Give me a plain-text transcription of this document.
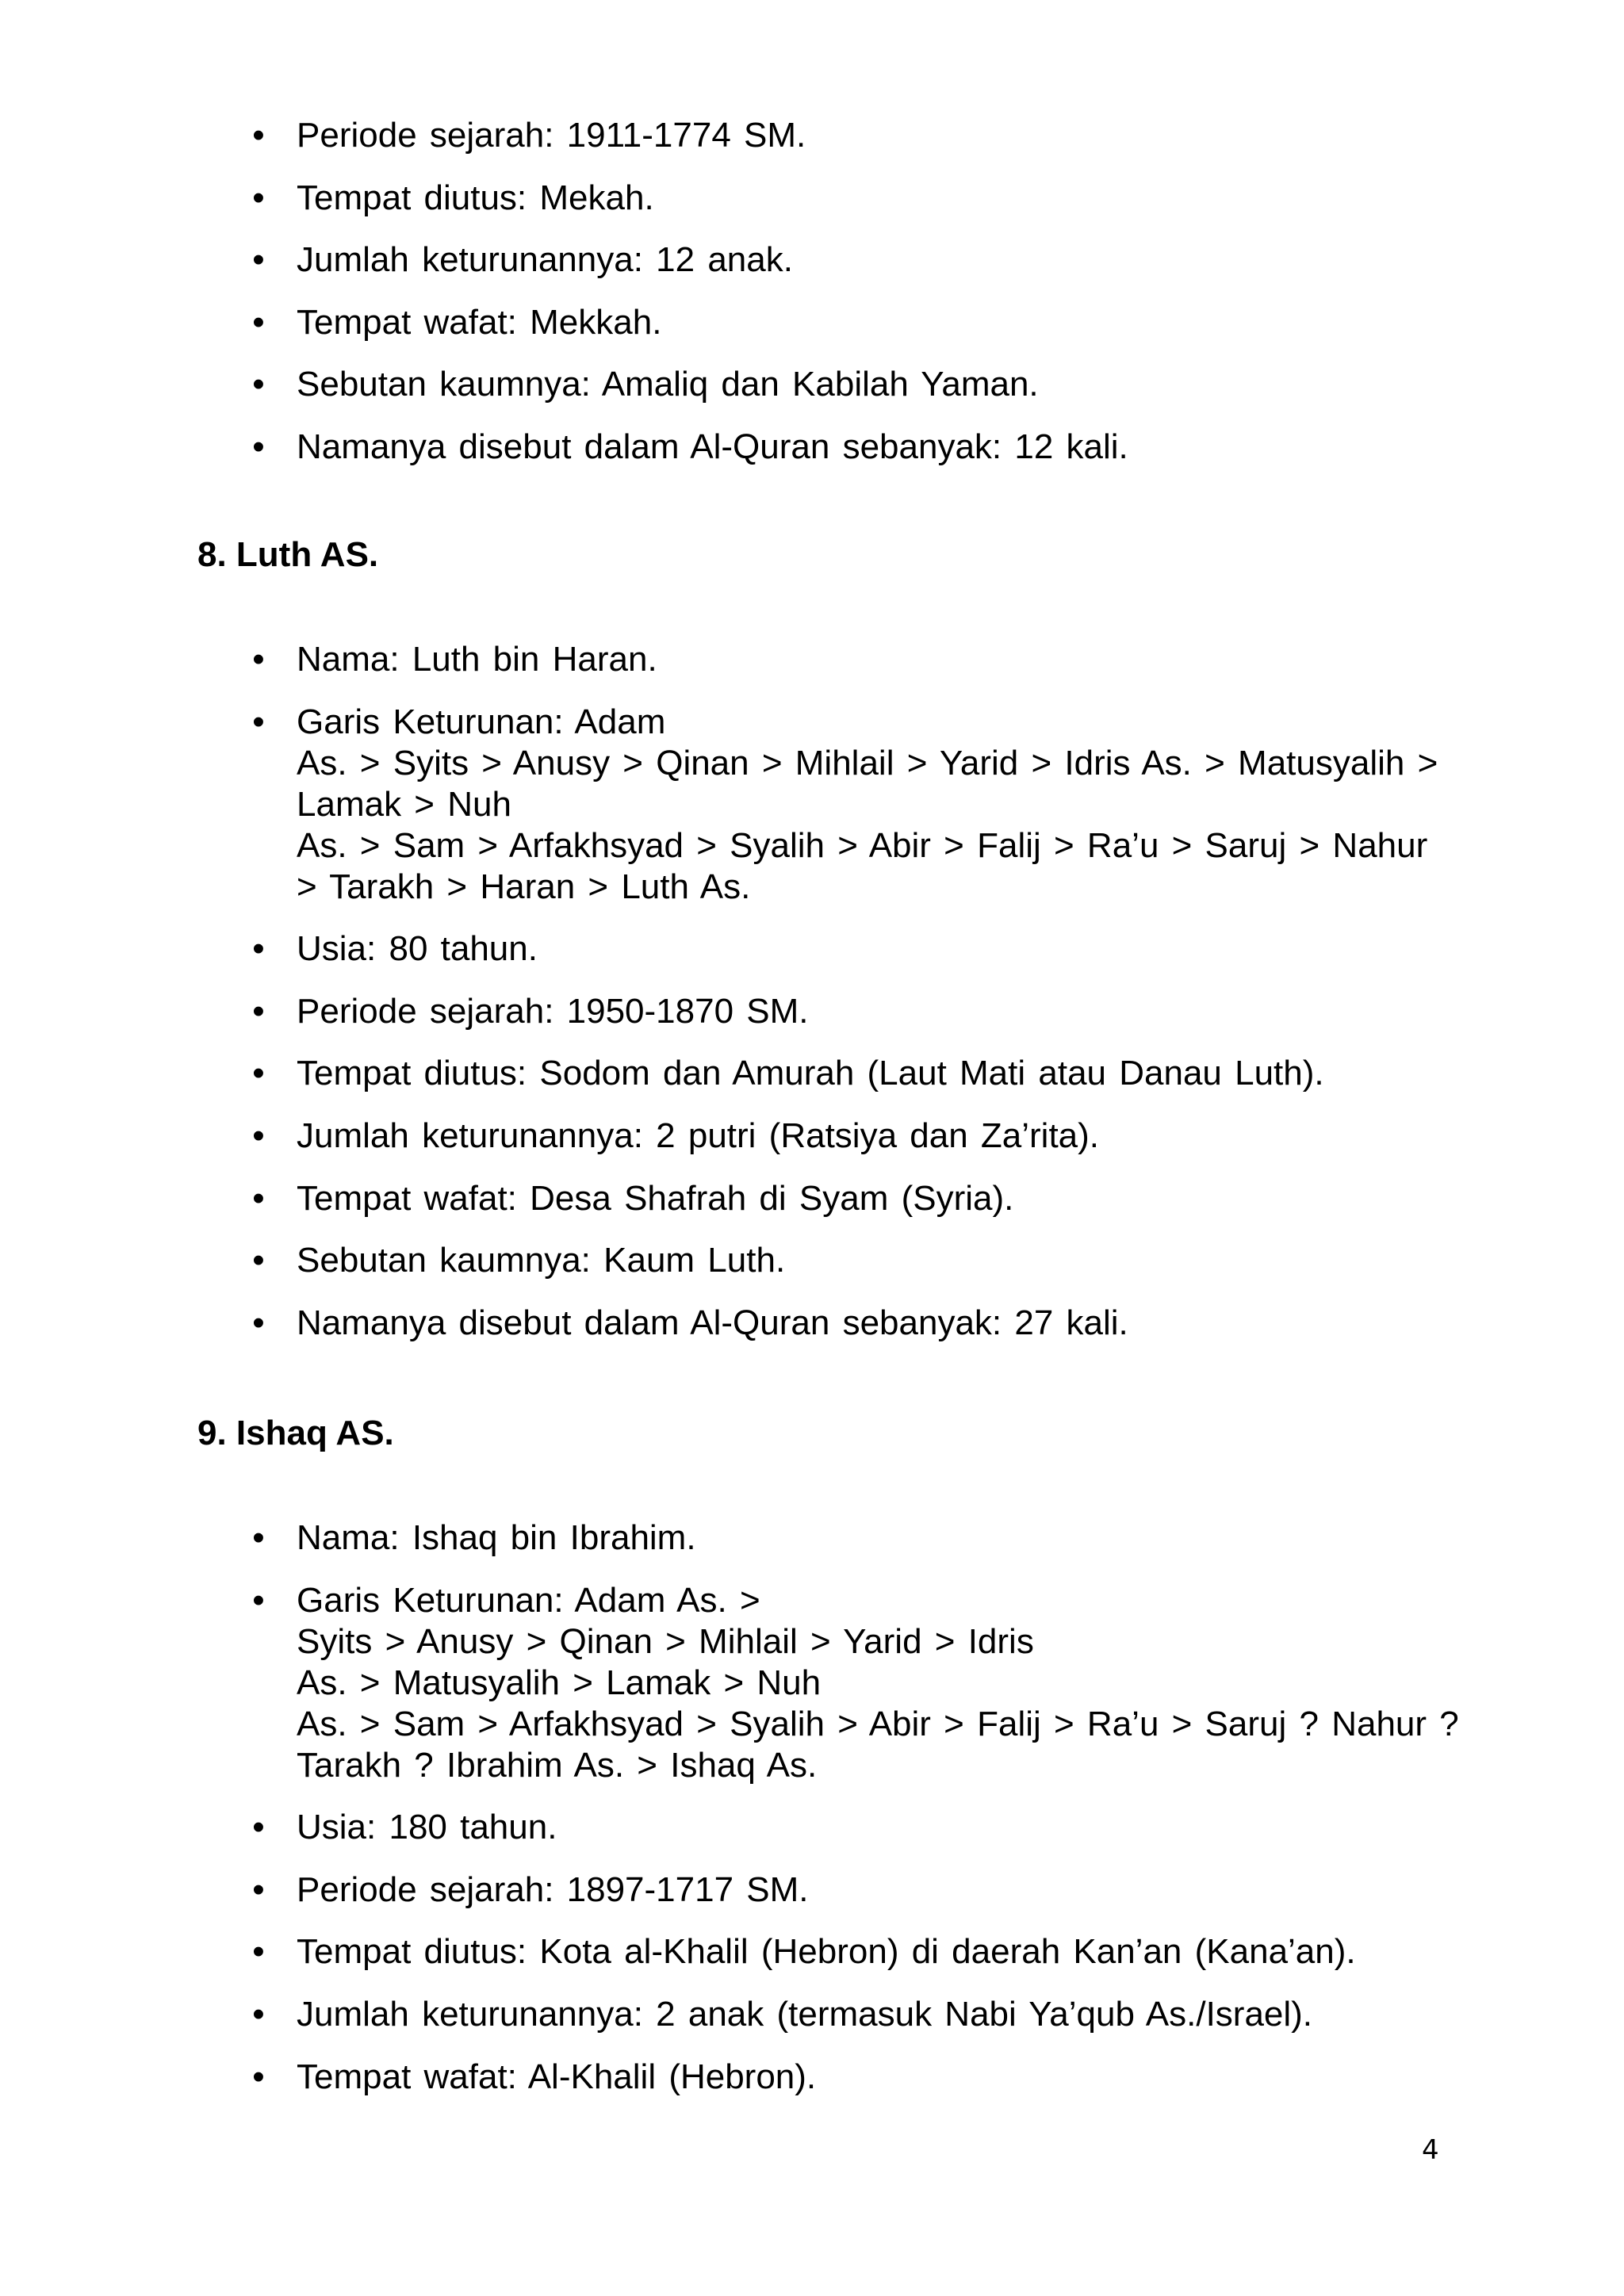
• Periode sejarah: 1911-1774 SM.
• Tempat diutus: Mekah.
• Jumlah keturunannya: 12 anak.
• Tempat wafat: Mekkah.
• Sebutan kaumnya: Amaliq dan Kabilah Yaman.
• Namanya disebut dalam Al-Quran sebanyak: 12 kali.
8. Luth AS.
• Nama: Luth bin Haran.
• Garis Keturunan: Adam
As. > Syits > Anusy > Qinan > Mihlail > Yarid > Idris As. > Matusyalih >
Lamak > Nuh
As. > Sam > Arfakhsyad > Syalih > Abir > Falij > Ra’u > Saruj > Nahur
> Tarakh > Haran > Luth As.
• Usia: 80 tahun.
• Periode sejarah: 1950-1870 SM.
• Tempat diutus: Sodom dan Amurah (Laut Mati atau Danau Luth).
• Jumlah keturunannya: 2 putri (Ratsiya dan Za’rita).
• Tempat wafat: Desa Shafrah di Syam (Syria).
• Sebutan kaumnya: Kaum Luth.
• Namanya disebut dalam Al-Quran sebanyak: 27 kali.
9. Ishaq AS.
• Nama: Ishaq bin Ibrahim.
• Garis Keturunan: Adam As. >
Syits > Anusy > Qinan > Mihlail > Yarid > Idris
As. > Matusyalih > Lamak > Nuh
As. > Sam > Arfakhsyad > Syalih > Abir > Falij > Ra’u > Saruj ? Nahur ?
Tarakh ? Ibrahim As. > Ishaq As.
• Usia: 180 tahun.
• Periode sejarah: 1897-1717 SM.
• Tempat diutus: Kota al-Khalil (Hebron) di daerah Kan’an (Kana’an).
• Jumlah keturunannya: 2 anak (termasuk Nabi Ya’qub As./Israel).
• Tempat wafat: Al-Khalil (Hebron).
4
